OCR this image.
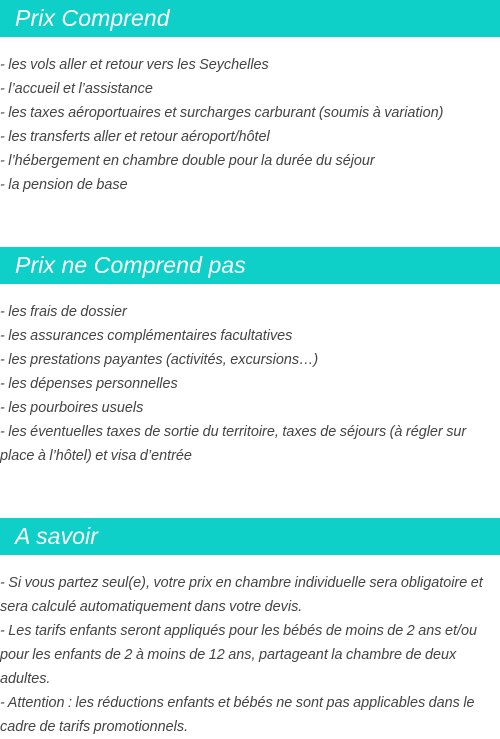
Prix Comprend
- les vols aller et retour vers les Seychelles
- l’accueil et l’assistance
- les taxes aéroportuaires et surcharges carburant (soumis à variation)
- les transferts aller et retour aéroport/hôtel
- l’hébergement en chambre double pour la durée du séjour
- la pension de base
Prix ne Comprend pas
- les frais de dossier
- les assurances complémentaires facultatives
- les prestations payantes (activités, excursions…)
- les dépenses personnelles
- les pourboires usuels
- les éventuelles taxes de sortie du territoire, taxes de séjours (à régler sur place à l’hôtel) et visa d’entrée
A savoir
- Si vous partez seul(e), votre prix en chambre individuelle sera obligatoire et sera calculé automatiquement dans votre devis.
- Les tarifs enfants seront appliqués pour les bébés de moins de 2 ans et/ou pour les enfants de 2 à moins de 12 ans, partageant la chambre de deux adultes.
- Attention : les réductions enfants et bébés ne sont pas applicables dans le cadre de tarifs promotionnels.
